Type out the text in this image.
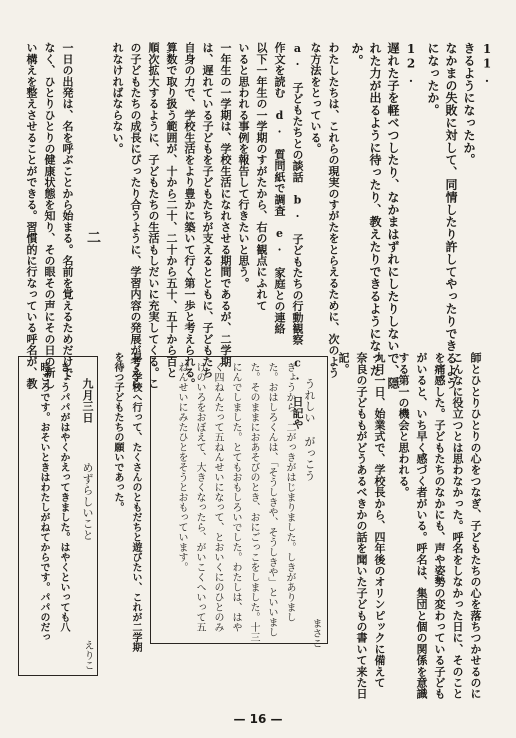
11.
きるようになったか。
なかまの失敗に対して、同情したり許してやったりできるよう
になったか。
12.
遅れた子を軽べつしたり、なかまはずれにしたりしないで、隠
れた力が出るように待ったり、教えたりできるようになった
か。
わたしたちは、これらの現実のすがたをとらえるために、次のよう
な方法をとっている。
a. 子どもたちとの談話　b. 子どもたちの行動観察　c. 日記や
作文を読む　d. 質問紙で調査　e. 家庭との連絡
以下一年生の一学期のすがたから、右の観点にふれて
いると思われる事例を報告して行きたいと思う。
一年生の一学期は、学校生活になれさせる期間であるが、二学期
は、遅れている子どもを子どもたちが支えるとともに、子どもたち
自身の力で、学校生活をより豊かに築いて行く第一歩と考えられる。
算数で取り扱う範囲が、十から二十、二十から五十、五十から百と
順次拡大するように、子どもたちの生活もしだいに充実してくる。こ
の子どもたちの成長にぴったり合うように、学習内容の発展が考えら
れなければならない。
二
一日の出発は、名を呼ぶことから始まる。名前を覚えるためだけで
なく、ひとりひとりの健康状態を知り、その眼その声にその日の新し
い構えを整えさせることができる。習慣的に行なっている呼名が、教
師とひとりひとりの心をつなぎ、子どもたちの心を落ちつかせるのに
こんなに役立つとは思わなかった。呼名をしなかった日に、そのこと
を痛感した。子どもたちのなかにも、声や姿勢の変わっている子ども
がいると、いち早く感づく者がいる。呼名は、集団と個の関係を意識
する第一の機会と思われる。
九月一日、始業式で、学校長から、四年後のオリンピックに備えて
奈良の子どももがどうあるべきかの話を聞いた子どもの書いて来た日
記。
まさこ
うれしい がっこう
きょうから、二がっきがはじまりました。しきがありまし
た。おはしろくんは、「そうしきや、そうしきや」といいまし
た。そのままにおあそびのとき、おにごっこをしました。十三
にんでしました。とてもおもしろいでした。わたしは、はや
く四ねんたって五ねんせいになって、とおいくにのひとのみ
けのいろをおぼえて、大きくなったら、がいこくへいって五
ねんせいにみたひとをそうとおもっています。
早く学校へ行って、たくさんのともだちと遊びたい、これが二学期
を待つ子どもたちの願いであった。
九月三日
めずらしいこと
えりこ
きょうパパがはやくかえってきました。はやくといっても八
時ごろです。おそいときはわたしがねてからです。パパのだっ
— 16 —
